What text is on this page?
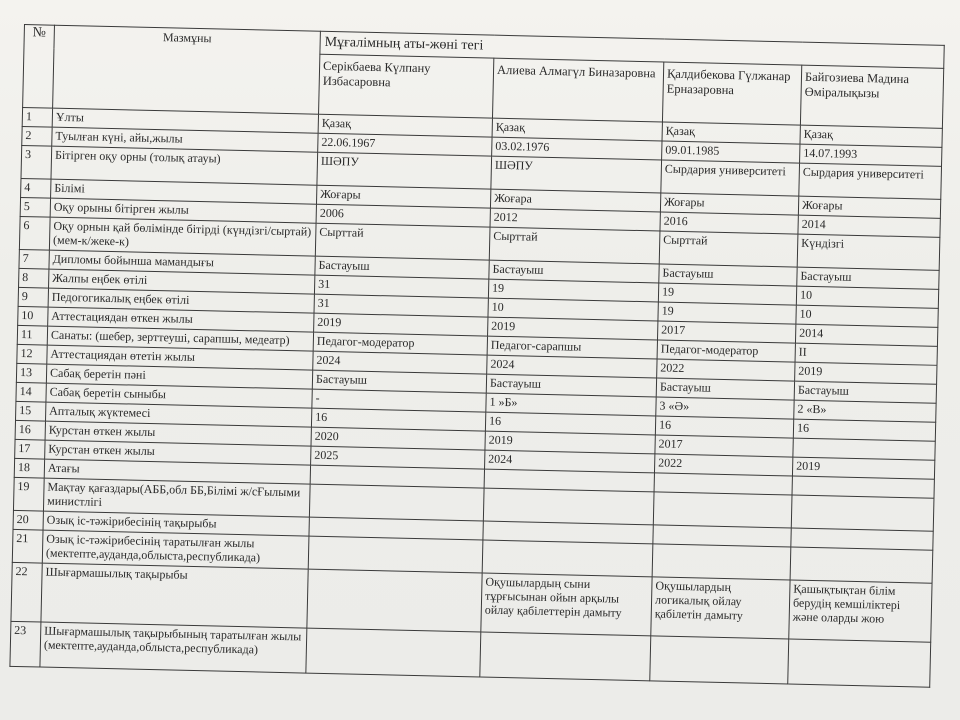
№	Мазмұны	Мұғалімның аты-жөні тегі			
		Серікбаева Күлпану Избасаровна	Алиева Алмагүл Биназаровна	Қалдибекова Гүлжанар Ерназаровна	Байгозиева Мадина Өміралықызы
1	Ұлты	Қазақ	Қазақ	Қазақ	Қазақ
2	Туылған күні, айы,жылы	22.06.1967	03.02.1976	09.01.1985	14.07.1993
3	Бітірген оқу орны (толық атауы)	ШӘПУ	ШӘПУ	Сырдария университеті	Сырдария университеті
4	Білімі	Жоғары	Жоғара	Жоғары	Жоғары
5	Оқу орыны бітірген жылы	2006	2012	2016	2014
6	Оқу орнын қай бөлімінде бітірді (күндізгі/сыртай)(мем-к/жеке-к)	Сырттай	Сырттай	Сырттай	Күндізгі
7	Дипломы бойынша мамандығы	Бастауыш	Бастауыш	Бастауыш	Бастауыш
8	Жалпы еңбек өтілі	31	19	19	10
9	Педогогикалық еңбек өтілі	31	10	19	10
10	Аттестациядан өткен жылы	2019	2019	2017	2014
11	Санаты: (шебер, зерттеуші, сарапшы, медеатр)	Педагог-модератор	Педагог-сарапшы	Педагог-модератор	II
12	Аттестациядан өтетін жылы	2024	2024	2022	2019
13	Сабақ беретін пәні	Бастауыш	Бастауыш	Бастауыш	Бастауыш
14	Сабақ беретін сыныбы	-	1 »Б»	3 «Ә»	2 «В»
15	Апталық жүктемесі	16	16	16	16
16	Курстан өткен жылы	2020	2019	2017	
17	Курстан өткен жылы	2025	2024	2022	2019
18	Атағы				
19	Мақтау қағаздары(АББ,обл ББ,Білімі ж/сҒылыми министлігі				
20	Озық іс-тәжірибесінің тақырыбы				
21	Озық іс-тәжірибесінің таратылған жылы (мектепте,ауданда,облыста,республикада)				
22	Шығармашылық тақырыбы		Оқушылардың сыни тұрғысынан ойын арқылы ойлау қабілеттерін дамыту	Оқушылардың логикалық ойлау қабілетін дамыту	Қашықтықтан білім берудің кемшіліктері және оларды жою
23	Шығармашылық тақырыбының таратылған жылы (мектепте,ауданда,облыста,республикада)				
